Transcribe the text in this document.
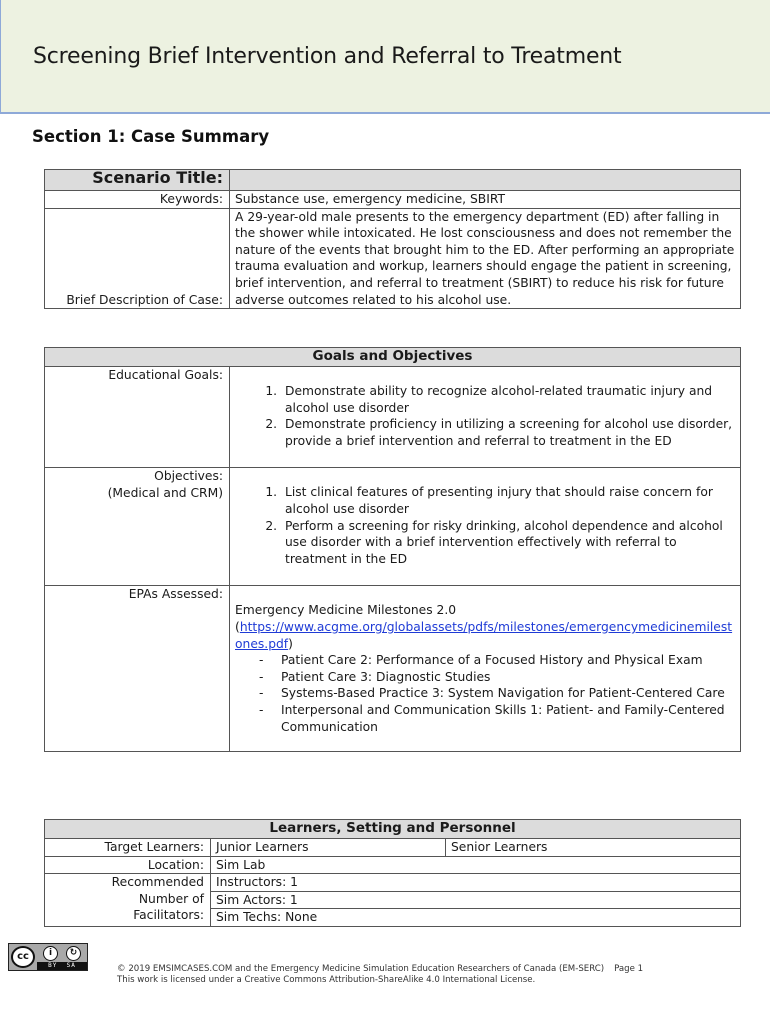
Screening Brief Intervention and Referral to Treatment
Section 1: Case Summary
Scenario Title:	
Keywords:	Substance use, emergency medicine, SBIRT
Brief Description of Case:	A 29-year-old male presents to the emergency department (ED) after falling in the shower while intoxicated. He lost consciousness and does not remember the nature of the events that brought him to the ED. After performing an appropriate trauma evaluation and workup, learners should engage the patient in screening, brief intervention, and referral to treatment (SBIRT) to reduce his risk for future adverse outcomes related to his alcohol use.
Goals and Objectives	
Educational Goals:	
1. Demonstrate ability to recognize alcohol-related traumatic injury and alcohol use disorder
2. Demonstrate proficiency in utilizing a screening for alcohol use disorder, provide a brief intervention and referral to treatment in the ED

Objectives:
(Medical and CRM)

1.List clinical features of presenting injury that should raise concern for alcohol use disorder
2. Perform a screening for risky drinking, alcohol dependence and alcohol use disorder with a brief intervention effectively with referral to treatment in the ED

EPAs Assessed:	
Emergency Medicine Milestones 2.0
(https://www.acgme.org/globalassets/pdfs/milestones/emergencymedicinemilestones.pdf)
- Patient Care 2: Performance of a Focused History and Physical Exam
- Patient Care 3: Diagnostic Studies
- Systems-Based Practice 3: System Navigation for Patient-Centered Care
- Interpersonal and Communication Skills 1: Patient- and Family-Centered Communication
Learners, Setting and Personnel		
Target Learners:	Junior Learners	Senior Learners
Location:	Sim Lab	

Recommended
Number of
Facilitators:	Instructors: 1	
	Sim Actors: 1	
	Sim Techs: None	
cc	i	↻
BY SA	© 2019 EMSIMCASES.COM and the Emergency Medicine Simulation Education Researchers of Canada (EM-SERC) Page 1
This work is licensed under a Creative Commons Attribution-ShareAlike 4.0 International License.
